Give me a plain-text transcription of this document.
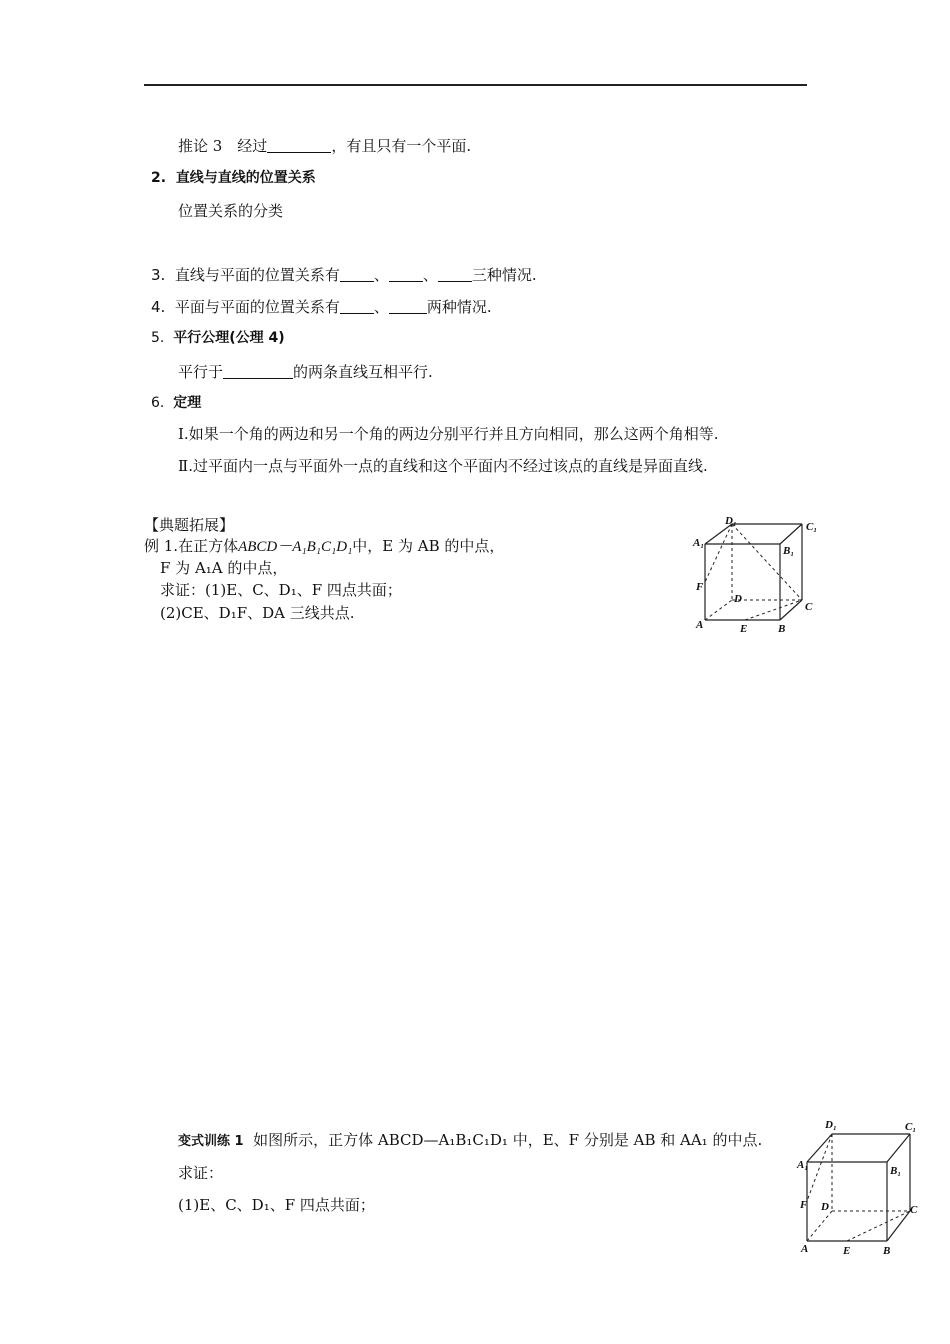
推论 3　经过	，有且只有一个平面.
2. 直线与直线的位置关系
位置关系的分类
3. 直线与平面的位置关系有 、 、 三种情况.
4. 平面与平面的位置关系有 、	两种情况.
5. 平行公理(公理 4)
平行于	的两条直线互相平行.
6. 定理
Ⅰ.如果一个角的两边和另一个角的两边分别平行并且方向相同，那么这两个角相等.
Ⅱ.过平面内一点与平面外一点的直线和这个平面内不经过该点的直线是异面直线.
【典题拓展】
例 1.在正方体ABCD－A₁B₁C₁D₁中，E 为 AB 的中点，
F 为 A₁A 的中点，
求证：(1)E、C、D₁、F 四点共面；
(2)CE、D₁F、DA 三线共点.
D₁	C₁
A₁
B₁
F
D
C
A	E	B
变式训练 1 如图所示，正方体 ABCD—A₁B₁C₁D₁ 中，E、F 分别是 AB 和 AA₁ 的中点.
求证：
(1)E、C、D₁、F 四点共面；
D₁	C₁
A₁	B₁
F D	C
A	E	B
